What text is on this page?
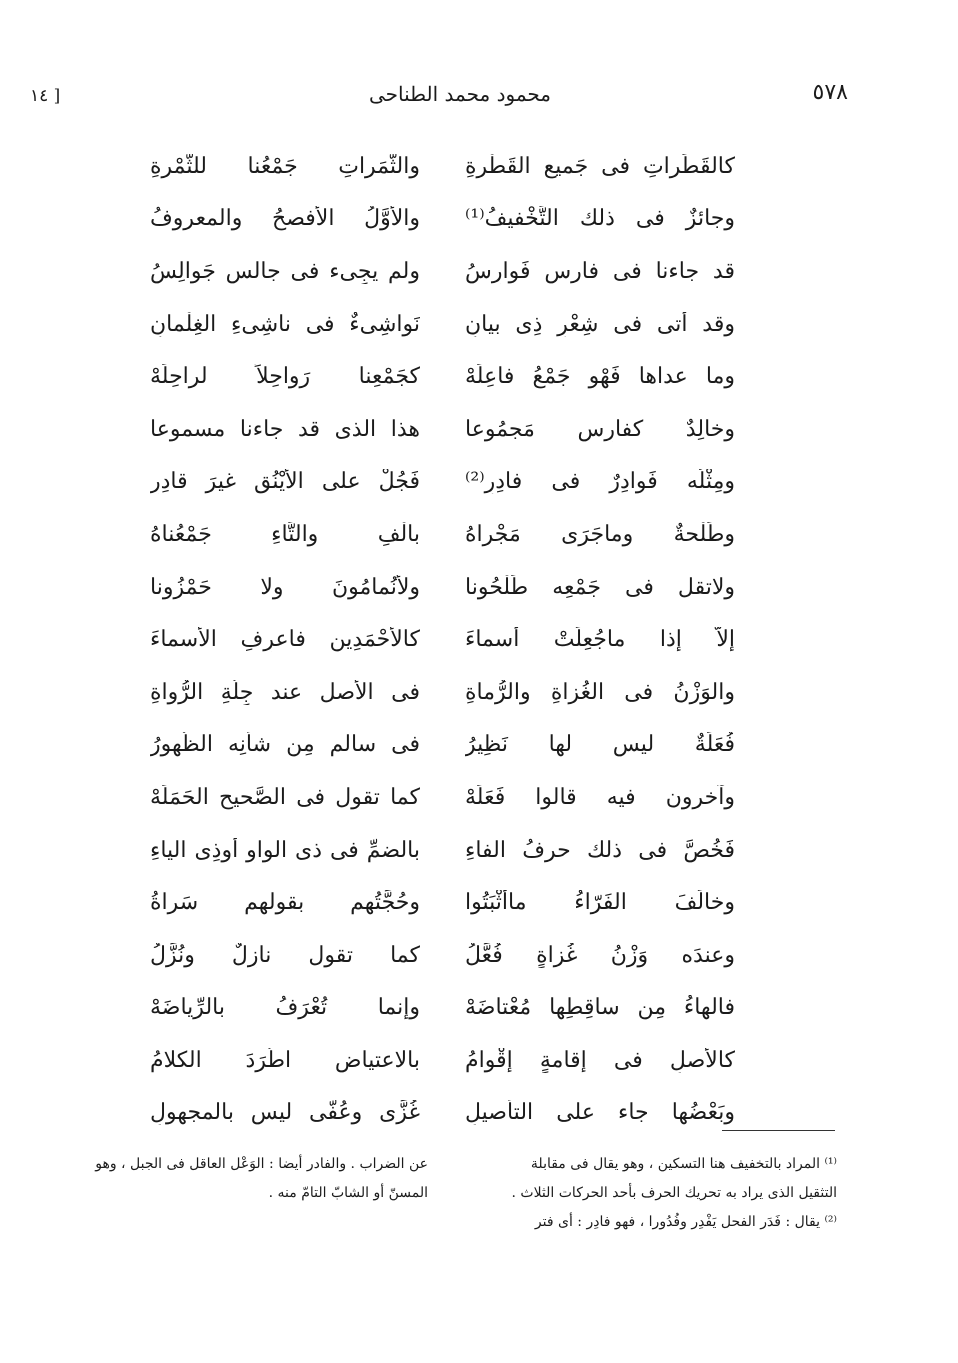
٥٧٨
محمود محمد الطناحى
[ ١٤
كالقَطَراتِ فى جَميعِ القَطْرةِ
والثَّمَراتِ جَمْعُنا للثَّمْرةِ
وجائزٌ فى ذلك التَّخْفيفُ⁽¹⁾
والأوَّلُ الأفصحُ والمعروفُ
قد جاءنا فى فارسٍ فَوارِسُ
ولم يجِىء فى جالسٍ جَوالِسُ
وقد أتى فى شِعْرٍ ذِى بيانِ
نَواشِىءٌ فى ناشِىءِ الغِلْمانِ
وما عداها فَهْو جَمْعُ فاعِلَهْ
كجَمْعِنا رَواحِلاً لراحِلَهْ
وخالِدٌ كفارِسٍ مَجمُوعا
هذا الذى قد جاءنا مسموعا
ومِثْلُه فَوادِرٌ فى فادِرٍ⁽²⁾
فَجُلْ على الأيْنُقِ غيرَ قادِرِ
وطَلْحةٌ وماجَرَى مَجْراهُ
بالْفِ والتَّاءِ جَمْعُناهُ
ولاتقل فى جَمْعِه طَلْحُونا
ولأنُمامُونَ ولا حَمْزُونا
إلاَّ إذا ماجُعِلَتْ أسماءَ
كالأَحْمَدِين فاعرِفِ الأسماءَ
والوَزْنُ فى الغُزاةِ والرُّماةِ
فى الأصل عند جِلَّةِ الرُّواةِ
فُعَلَةٌ ليس لها نَظِيرُ
فى سالمٍ مِن شأنِه الظُّهورُ
وآخرون فيه قالوا فَعَلَهْ
كما تقول فى الصَّحيحِ الحَمَلَهْ
فَخُصَّ فى ذلك حرفُ الفاءِ
بالضمِّ فى ذى الواوِ أوذِى الياءِ
وخالَفَ الفَرّاءُ ماأثْبَتُوا
وحُجَّتُهم بقولهم سَراةُ
وعندَه وَزْنُ غُزاةٍ فُعَّلُ
كما تقول نازِلٌ ونُزَّلُ
فالهاءُ مِن ساقِطِها مُعْتاضَهْ
وإنما تُعْرَفُ بالرِّياضَهْ
كالأصلِ فى إقامةٍ إقْوامُ
بالاعتياض اطَّرَدَ الكلامُ
وبَعْضُها جاء على التأصيلِ
غُزَّى وعُفَّى ليس بالمجهولِ
⁽¹⁾ المراد بالتخفيف هنا التسكين ، وهو يقال فى مقابلة
التثقيل الذى يراد به تحريك الحرف بأحد الحركات الثلاث .
⁽²⁾ يقال : فَدَر الفحل يَفْدِر وفُدُورا ، فهو فادِر : أى فتر
عن الضراب . والفادر أيضا : الوَعْل العاقل فى الجبل ، وهو
المسنّ أو الشابّ التامّ منه .
